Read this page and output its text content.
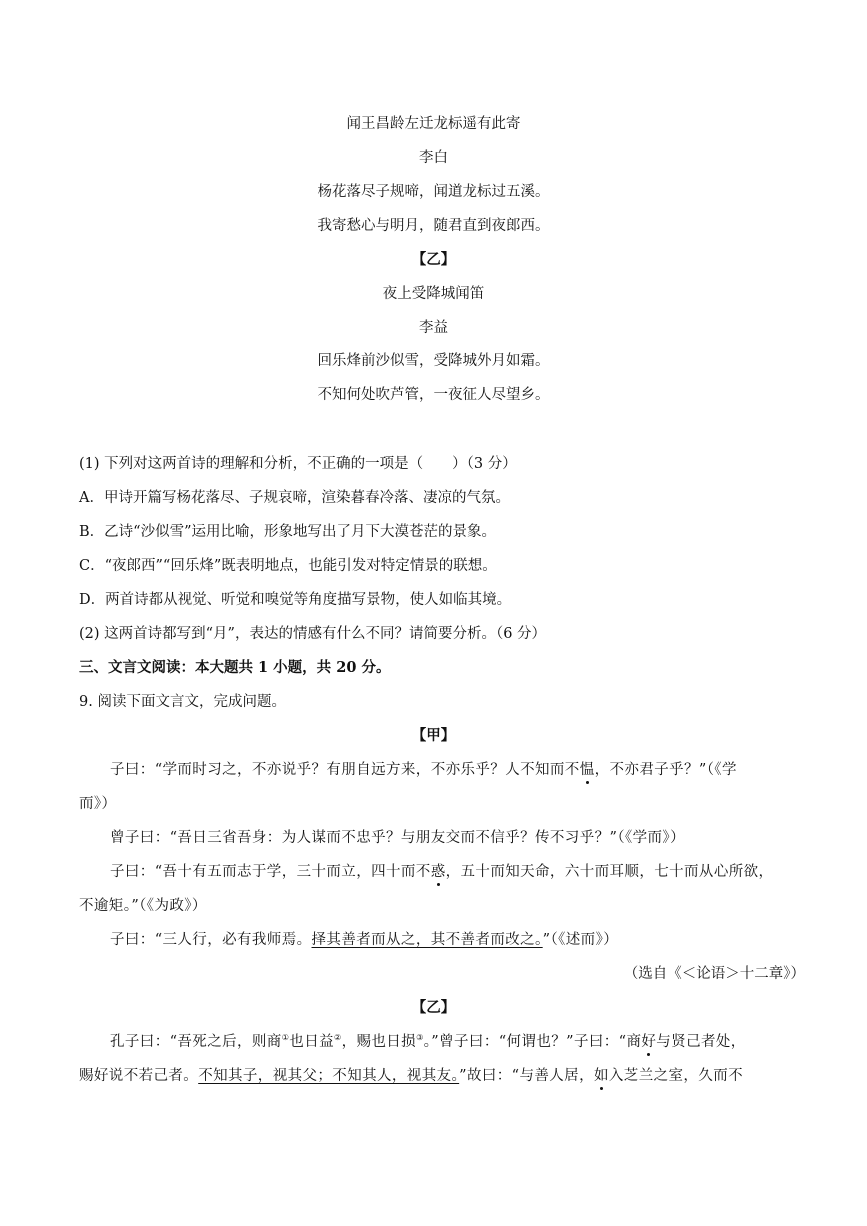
闻王昌龄左迁龙标遥有此寄
李白
杨花落尽子规啼，闻道龙标过五溪。
我寄愁心与明月，随君直到夜郎西。
【乙】
夜上受降城闻笛
李益
回乐烽前沙似雪，受降城外月如霜。
不知何处吹芦管，一夜征人尽望乡。
(1) 下列对这两首诗的理解和分析，不正确的一项是（　　）（3 分）
A．甲诗开篇写杨花落尽、子规哀啼，渲染暮春冷落、凄凉的气氛。
B．乙诗“沙似雪”运用比喻，形象地写出了月下大漠苍茫的景象。
C．“夜郎西”“回乐烽”既表明地点，也能引发对特定情景的联想。
D．两首诗都从视觉、听觉和嗅觉等角度描写景物，使人如临其境。
(2) 这两首诗都写到“月”，表达的情感有什么不同？请简要分析。（6 分）
三、文言文阅读：本大题共 1 小题，共 20 分。
9. 阅读下面文言文，完成问题。
【甲】
子曰：“学而时习之，不亦说乎？有朋自远方来，不亦乐乎？人不知而不愠，不亦君子乎？”（《学
而》）
曾子曰：“吾日三省吾身：为人谋而不忠乎？与朋友交而不信乎？传不习乎？”（《学而》）
子曰：“吾十有五而志于学，三十而立，四十而不惑，五十而知天命，六十而耳顺，七十而从心所欲，
不逾矩。”（《为政》）
子曰：“三人行，必有我师焉。择其善者而从之，其不善者而改之。”（《述而》）
（选自《＜论语＞十二章》）
【乙】
孔子曰：“吾死之后，则商①也日益②，赐也日损③。”曾子曰：“何谓也？”子曰：“商好与贤己者处，
赐好说不若己者。不知其子，视其父；不知其人，视其友。”故曰：“与善人居，如入芝兰之室，久而不
